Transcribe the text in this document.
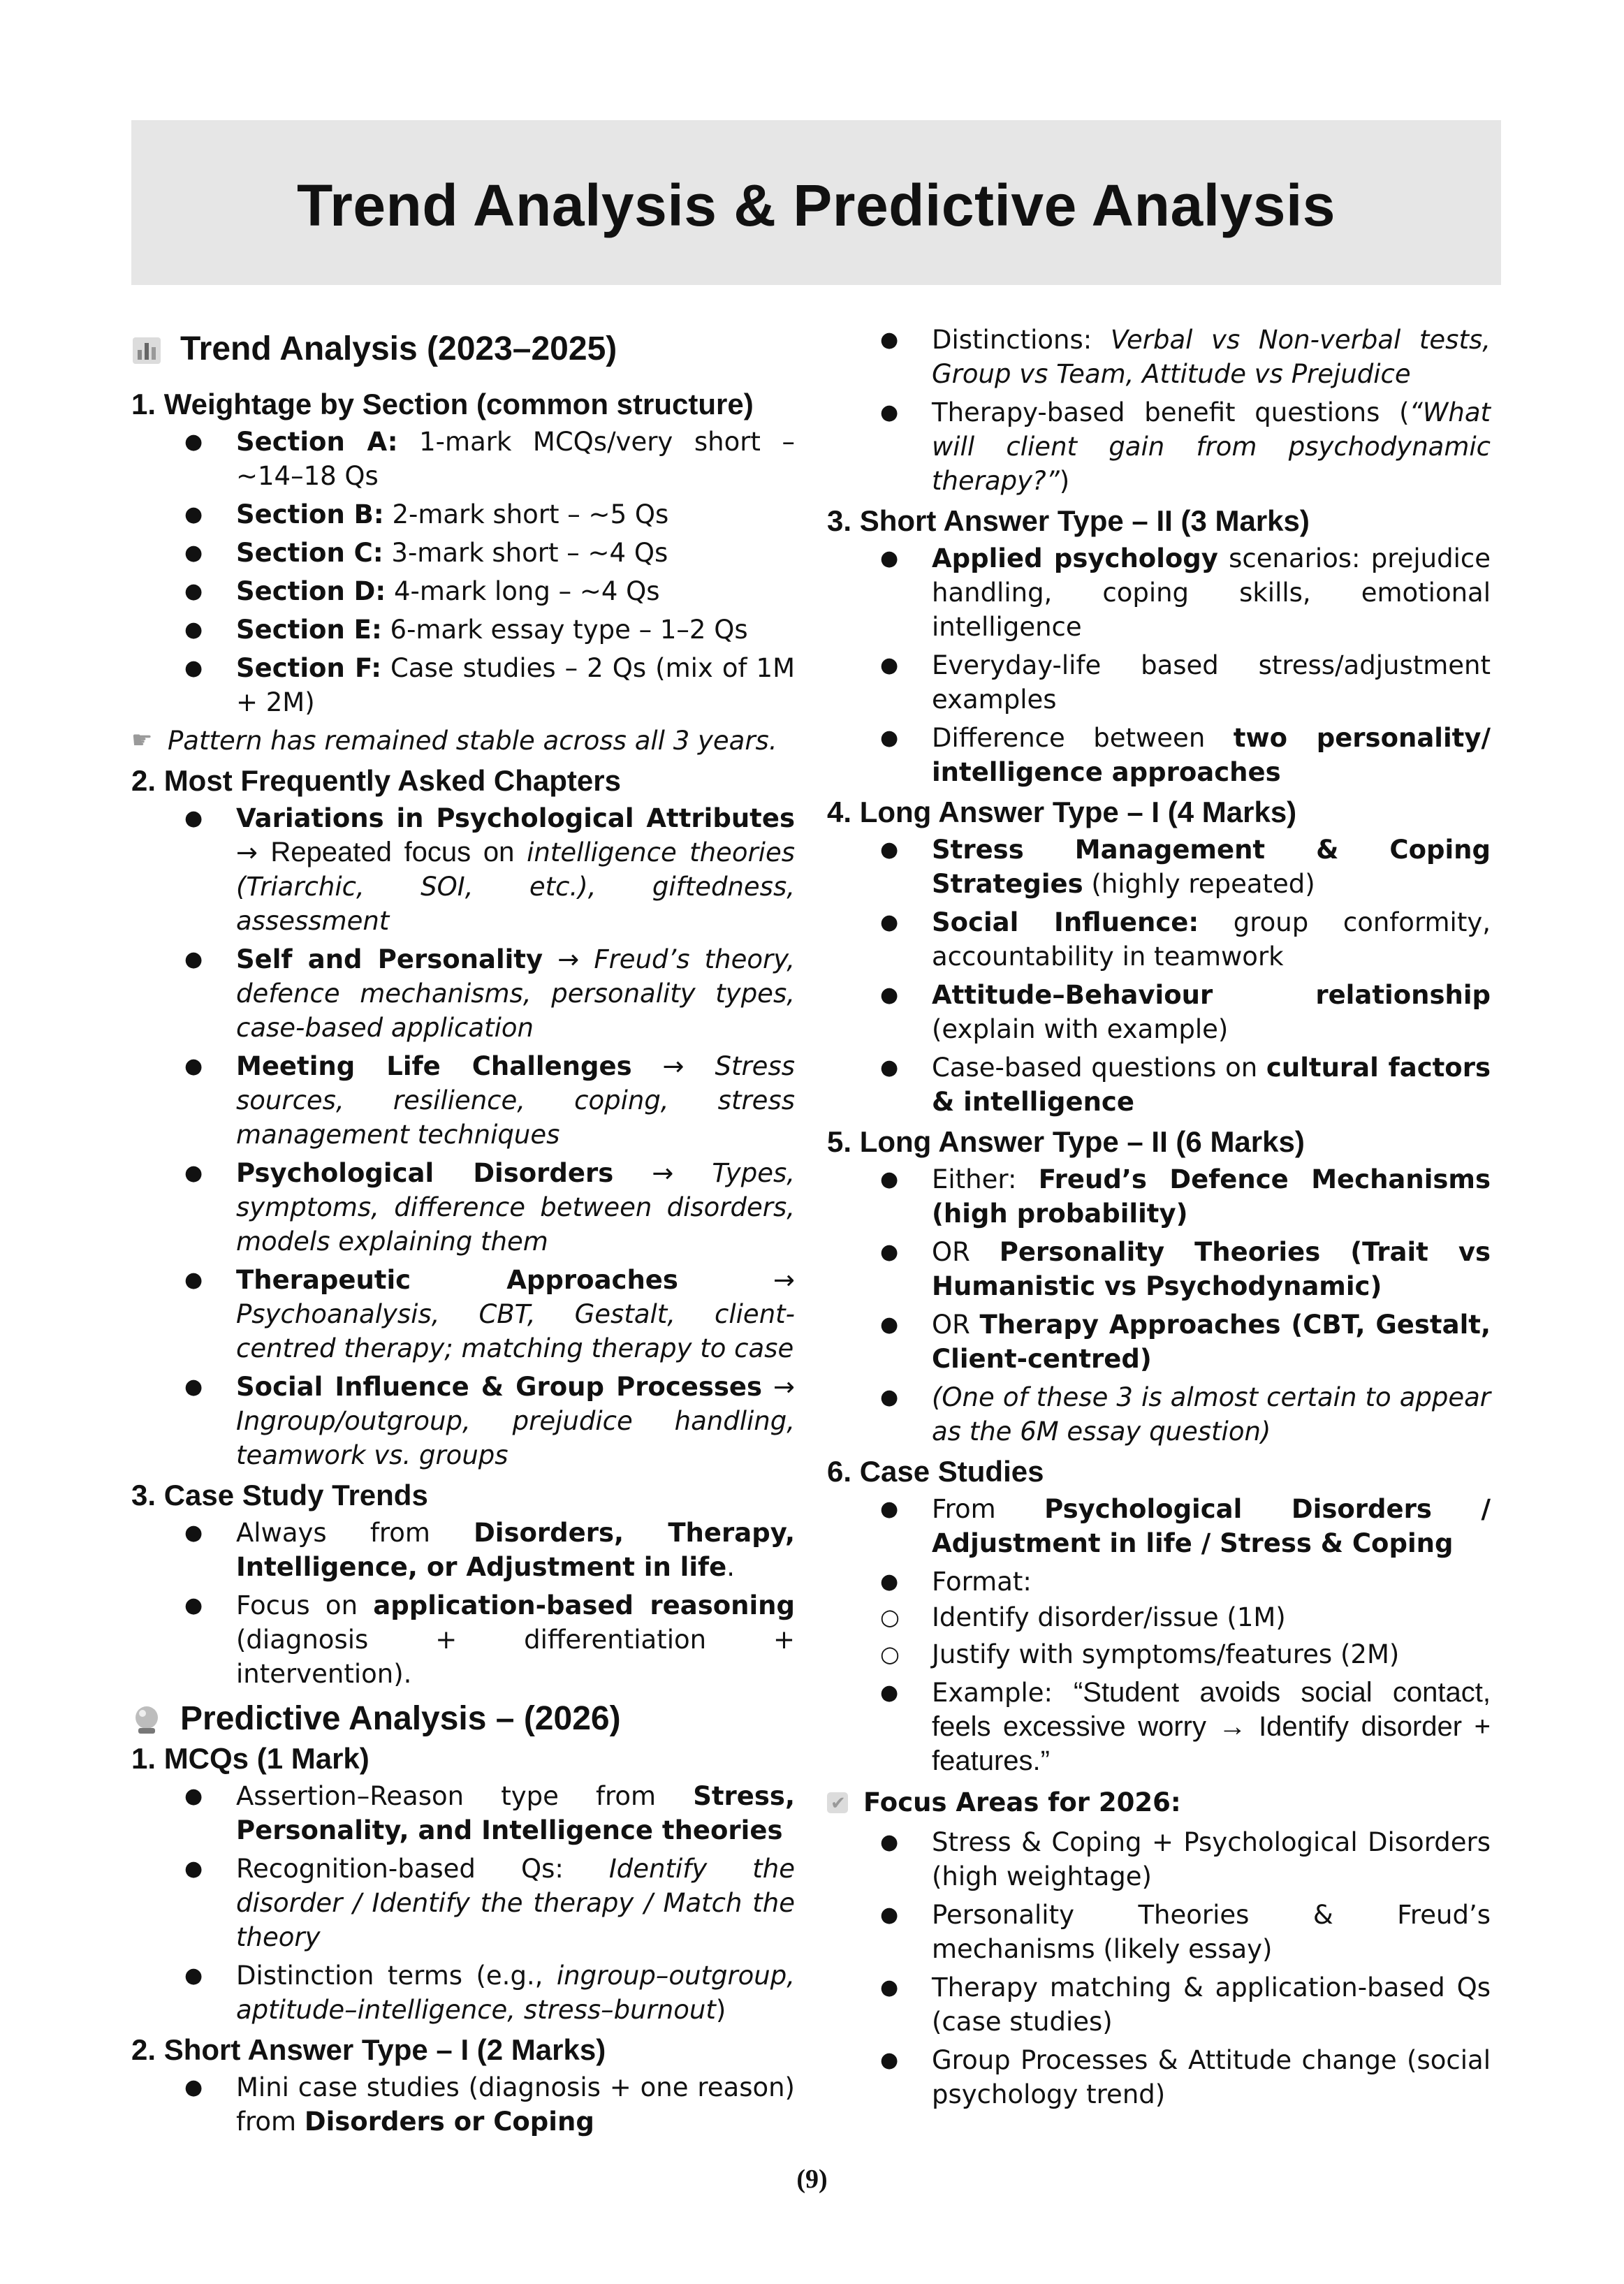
Trend Analysis & Predictive Analysis
Trend Analysis (2023–2025)
1. Weightage by Section (common structure)
● Section A: 1-mark MCQs/very short – ~14–18 Qs
● Section B: 2-mark short – ~5 Qs
● Section C: 3-mark short – ~4 Qs
● Section D: 4-mark long – ~4 Qs
● Section E: 6-mark essay type – 1–2 Qs
● Section F: Case studies – 2 Qs (mix of 1M + 2M)
☛ Pattern has remained stable across all 3 years.
2. Most Frequently Asked Chapters
● Variations in Psychological Attributes → Repeated focus on intelligence theories (Triarchic, SOI, etc.), giftedness, assessment
● Self and Personality → Freud’s theory, defence mechanisms, personality types, case-based application
● Meeting Life Challenges → Stress sources, resilience, coping, stress management techniques
● Psychological Disorders → Types, symptoms, difference between disorders, models explaining them
● Therapeutic Approaches → Psychoanalysis, CBT, Gestalt, client-centred therapy; matching therapy to case
● Social Influence & Group Processes → Ingroup/outgroup, prejudice handling, teamwork vs. groups
3. Case Study Trends
● Always from Disorders, Therapy, Intelligence, or Adjustment in life.
● Focus on application-based reasoning (diagnosis + differentiation + intervention).
Predictive Analysis – (2026)
1. MCQs (1 Mark)
● Assertion–Reason type from Stress, Personality, and Intelligence theories
● Recognition-based Qs: Identify the disorder / Identify the therapy / Match the theory
● Distinction terms (e.g., ingroup–outgroup, aptitude–intelligence, stress–burnout)
2. Short Answer Type – I (2 Marks)
● Mini case studies (diagnosis + one reason) from Disorders or Coping
● Distinctions: Verbal vs Non-verbal tests, Group vs Team, Attitude vs Prejudice
● Therapy-based benefit questions (“What will client gain from psychodynamic therapy?”)
3. Short Answer Type – II (3 Marks)
● Applied psychology scenarios: prejudice handling, coping skills, emotional intelligence
● Everyday-life based stress/adjustment examples
● Difference between two personality/ intelligence approaches
4. Long Answer Type – I (4 Marks)
● Stress Management & Coping Strategies (highly repeated)
● Social Influence: group conformity, accountability in teamwork
● Attitude–Behaviour relationship (explain with example)
● Case-based questions on cultural factors & intelligence
5. Long Answer Type – II (6 Marks)
● Either: Freud’s Defence Mechanisms (high probability)
● OR Personality Theories (Trait vs Humanistic vs Psychodynamic)
● OR Therapy Approaches (CBT, Gestalt, Client-centred)
● (One of these 3 is almost certain to appear as the 6M essay question)
6. Case Studies
● From Psychological Disorders / Adjustment in life / Stress & Coping
● Format:
○ Identify disorder/issue (1M)
○ Justify with symptoms/features (2M)
● Example: “Student avoids social contact, feels excessive worry → Identify disorder + features.”
✔
Focus Areas for 2026:
● Stress & Coping + Psychological Disorders (high weightage)
● Personality Theories & Freud’s mechanisms (likely essay)
● Therapy matching & application-based Qs (case studies)
● Group Processes & Attitude change (social psychology trend)
(9)
